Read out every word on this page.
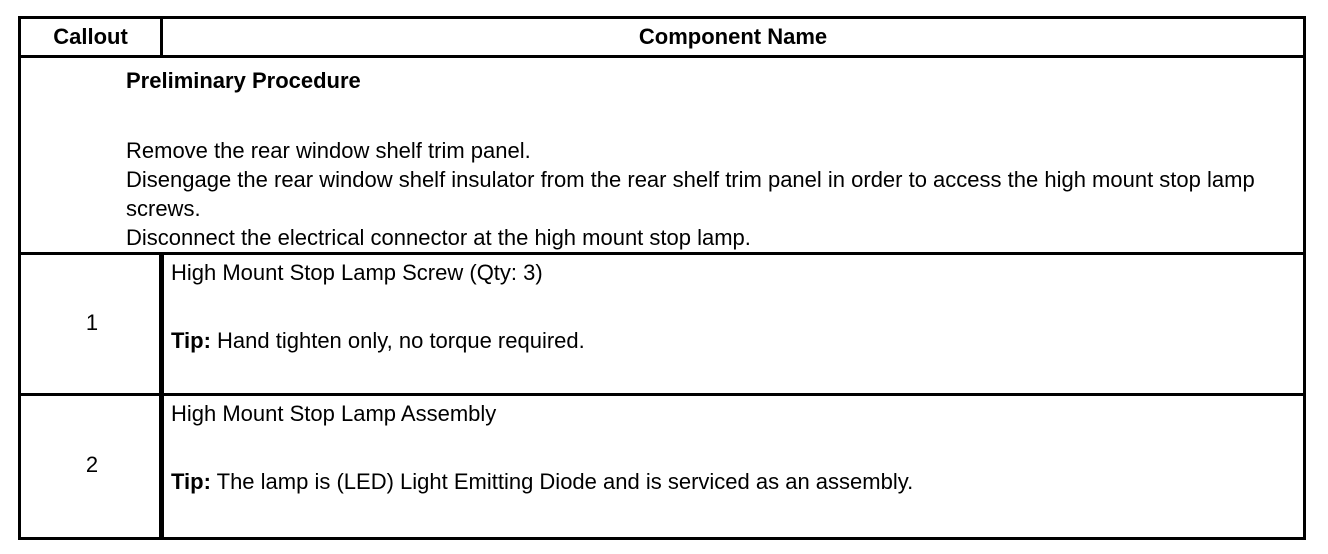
Callout	Component Name
Preliminary Procedure
Remove the rear window shelf trim panel.
Disengage the rear window shelf insulator from the rear shelf trim panel in order to access the high mount stop lamp screws.
Disconnect the electrical connector at the high mount stop lamp.
1
High Mount Stop Lamp Screw (Qty: 3)
Tip: Hand tighten only, no torque required.
2
High Mount Stop Lamp Assembly
Tip: The lamp is (LED) Light Emitting Diode and is serviced as an assembly.
